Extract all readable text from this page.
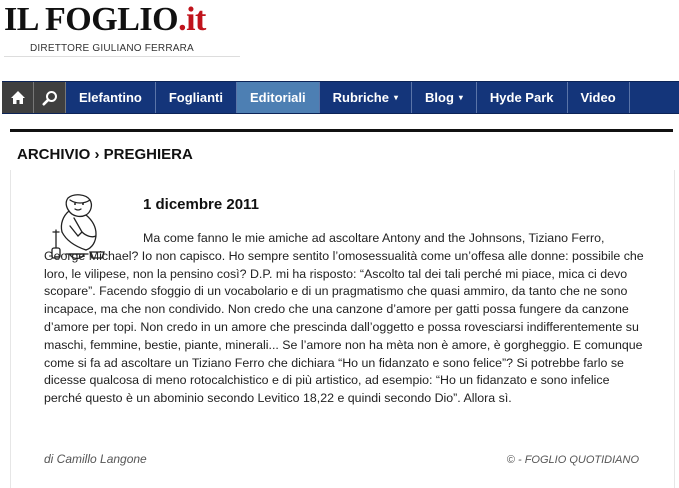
IL FOGLIO.it
DIRETTORE GIULIANO FERRARA
Elefantino Foglianti Editoriali Rubriche ▾ Blog ▾ Hyde Park Video
ARCHIVIO › PREGHIERA
1 dicembre 2011

Ma come fanno le mie amiche ad ascoltare Antony and the Johnsons, Tiziano Ferro, George Michael? Io non capisco. Ho sempre sentito l’omosessualità come un’offesa alle donne: possibile che loro, le vilipese, non la pensino così? D.P. mi ha risposto: “Ascolto tal dei tali perché mi piace, mica ci devo scopare”. Facendo sfoggio di un vocabolario e di un pragmatismo che quasi ammiro, da tanto che ne sono incapace, ma che non condivido. Non credo che una canzone d’amore per gatti possa fungere da canzone d’amore per topi. Non credo in un amore che prescinda dall’oggetto e possa rovesciarsi indifferentemente su maschi, femmine, bestie, piante, minerali... Se l’amore non ha mèta non è amore, è gorgheggio. E comunque come si fa ad ascoltare un Tiziano Ferro che dichiara “Ho un fidanzato e sono felice”? Si potrebbe farlo se dicesse qualcosa di meno rotocalchistico e di più artistico, ad esempio: “Ho un fidanzato e sono infelice perché questo è un abominio secondo Levitico 18,22 e quindi secondo Dio”. Allora sì.

di Camillo Langone	© - FOGLIO QUOTIDIANO
